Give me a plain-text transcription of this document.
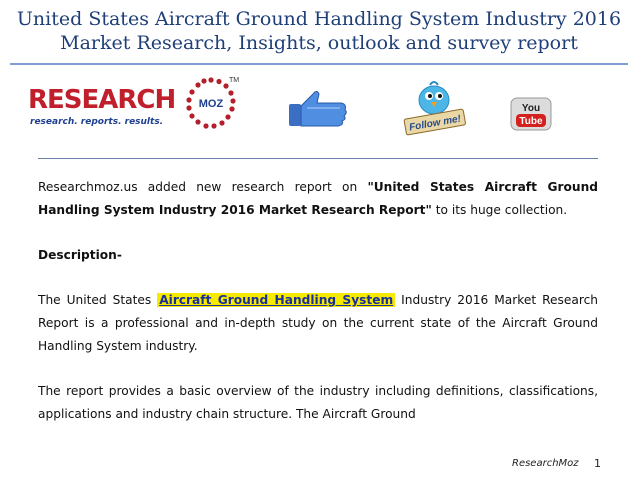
United States Aircraft Ground Handling System Industry 2016
Market Research, Insights, outlook and survey report
RESEARCH
research. reports. results.
MOZ
TM
Follow me!
You
Tube

Researchmoz.us added new research report on "United States Aircraft Ground Handling System Industry 2016 Market Research Report" to its huge collection.

Description-

The United States Aircraft Ground Handling System Industry 2016 Market Research Report is a professional and in-depth study on the current state of the Aircraft Ground Handling System industry.

The report provides a basic overview of the industry including definitions, classifications, applications and industry chain structure. The Aircraft Ground

ResearchMoz 1
